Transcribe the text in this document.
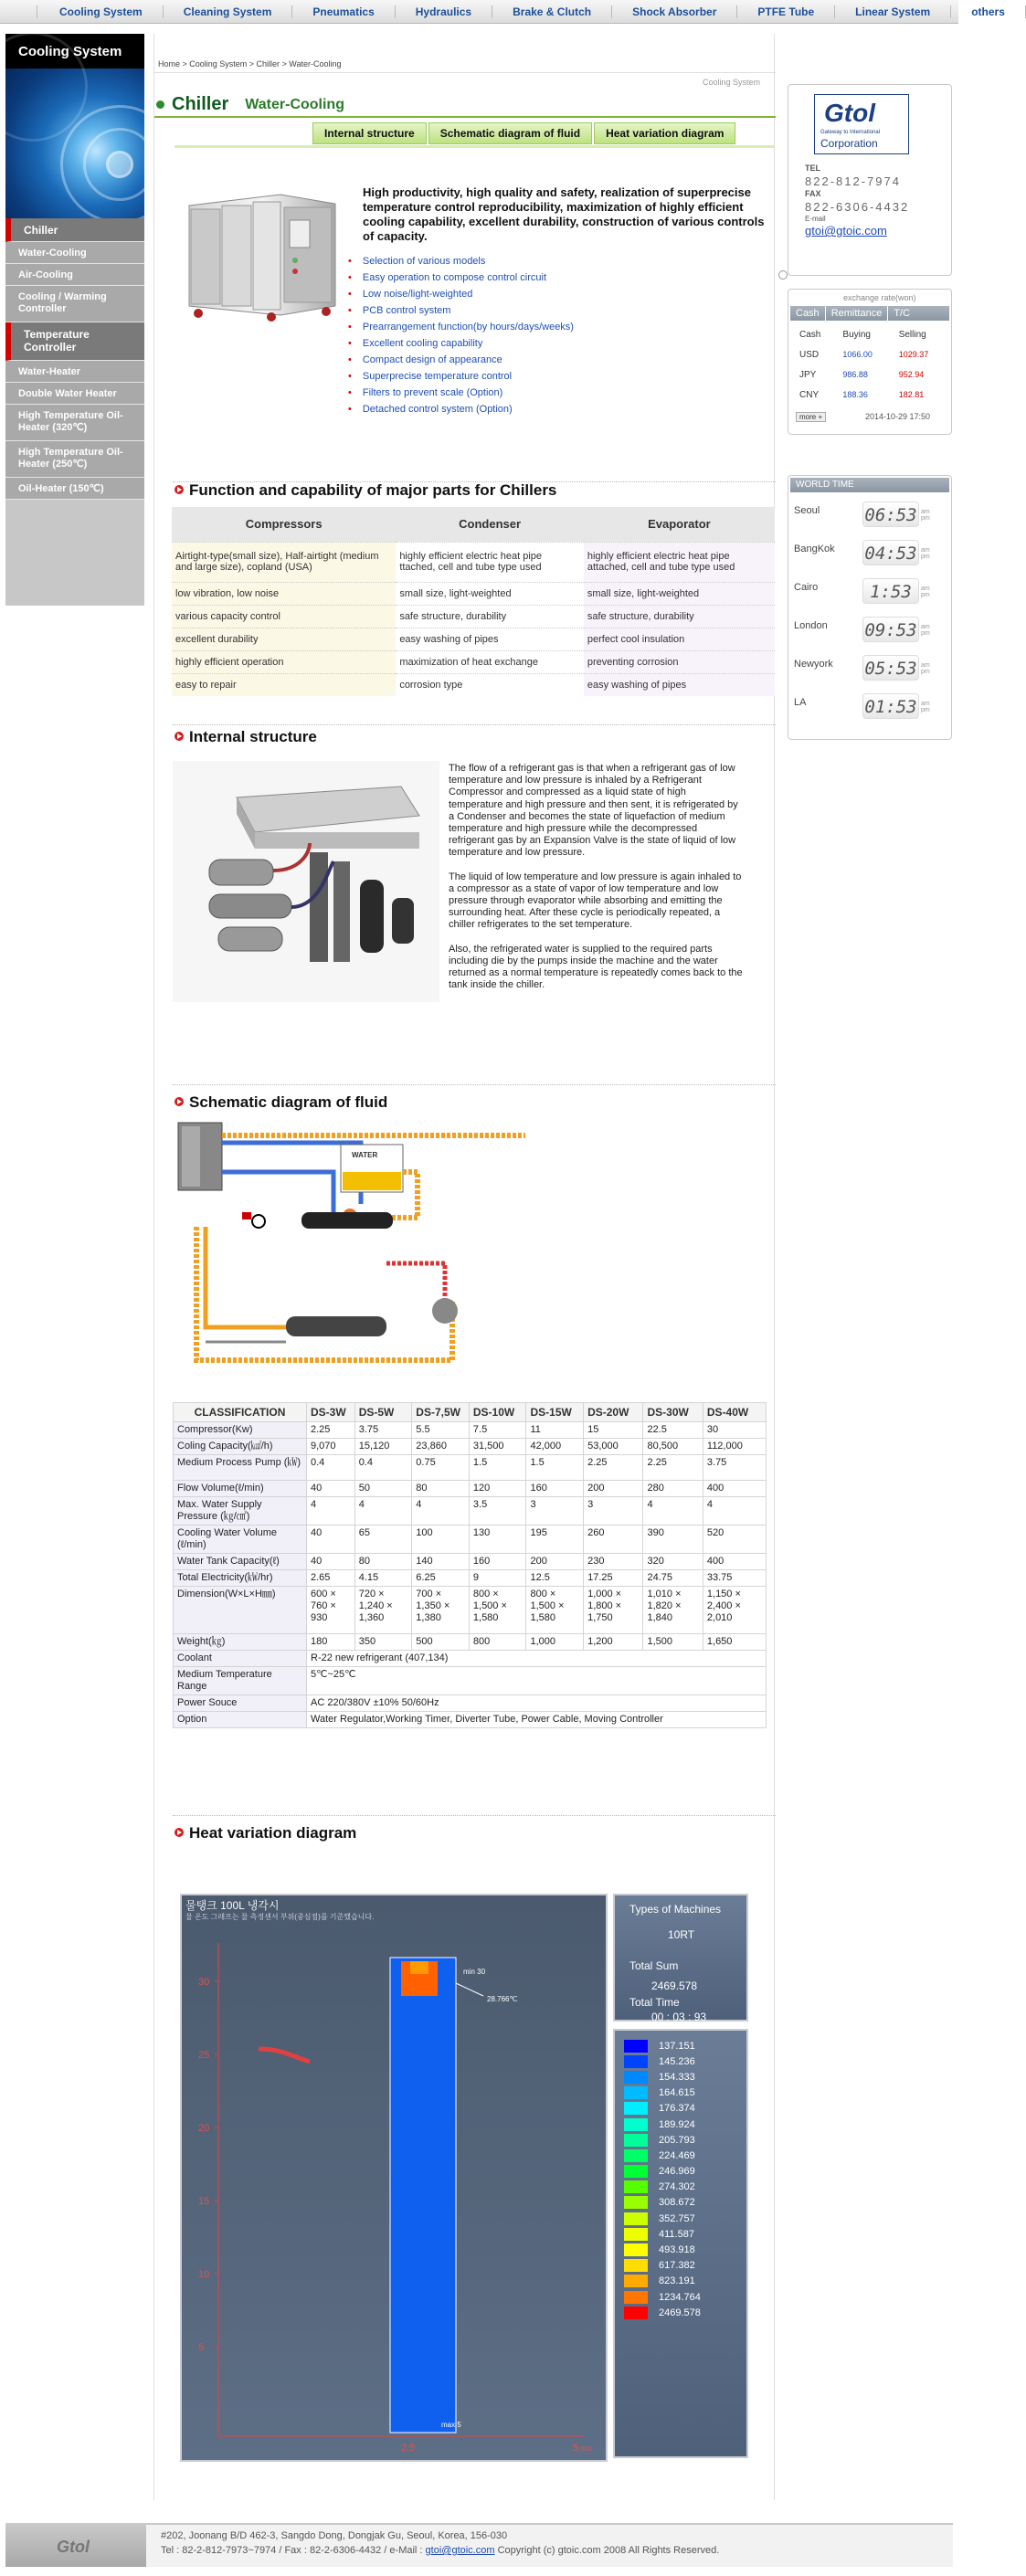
Cooling System	Cleaning System	Pneumatics	Hydraulics	Brake & Clutch	Shock Absorber	PTFE Tube	Linear System	others
Cooling System
Chiller
Water-Cooling
Air-Cooling
Cooling / Warming Controller
Temperature Controller
Water-Heater
Double Water Heater
High Temperature Oil-Heater (320℃)
High Temperature Oil-Heater (250℃)
Oil-Heater (150℃)
Home > Cooling System > Chiller > Water-Cooling
Cooling System
Chiller Water-Cooling
Internal structure	Schematic diagram of fluid	Heat variation diagram
High productivity, high quality and safety, realization of superprecise temperature control reproducibility, maximization of highly efficient cooling capability, excellent durability, construction of various controls of capacity.
• Selection of various models
• Easy operation to compose control circuit
• Low noise/light-weighted
• PCB control system
• Prearrangement function(by hours/days/weeks)
• Excellent cooling capability
• Compact design of appearance
• Superprecise temperature control
• Filters to prevent scale (Option)
• Detached control system (Option)
Function and capability of major parts for Chillers
Compressors	Condenser	Evaporator
Airtight-type(small size), Half-airtight (medium and large size), copland (USA)	highly efficient electric heat pipe ttached, cell and tube type used	highly efficient electric heat pipe attached, cell and tube type used
low vibration, low noise	small size, light-weighted	small size, light-weighted
various capacity control	safe structure, durability	safe structure, durability
excellent durability	easy washing of pipes	perfect cool insulation
highly efficient operation	maximization of heat exchange	preventing corrosion
easy to repair	corrosion type	easy washing of pipes
Internal structure

The flow of a refrigerant gas is that when a refrigerant gas of low temperature and low pressure is inhaled by a Refrigerant Compressor and compressed as a liquid state of high temperature and high pressure and then sent, it is refrigerated by a Condenser and becomes the state of liquefaction of medium temperature and high pressure while the decompressed refrigerant gas by an Expansion Valve is the state of liquid of low temperature and low pressure.

The liquid of low temperature and low pressure is again inhaled to a compressor as a state of vapor of low temperature and low pressure through evaporator while absorbing and emitting the surrounding heat. After these cycle is periodically repeated, a chiller refrigerates to the set temperature.

Also, the refrigerated water is supplied to the required parts including die by the pumps inside the machine and the water returned as a normal temperature is repeatedly comes back to the tank inside the chiller.

Schematic diagram of fluid
WATER
CLASSIFICATION	DS-3W	DS-5W	DS-7,5W	DS-10W	DS-15W	DS-20W	DS-30W	DS-40W
Compressor(Kw)	2.25	3.75	5.5	7.5	11	15	22.5	30
Coling Capacity(㎉/h)	9,070	15,120	23,860	31,500	42,000	53,000	80,500	112,000
Medium Process Pump (㎾)	0.4	0.4	0.75	1.5	1.5	2.25	2.25	3.75
Flow Volume(ℓ/min)	40	50	80	120	160	200	280	400
Max. Water Supply Pressure (㎏/㎠)	4	4	4	3.5	3	3	4	4
Cooling Water Volume (ℓ/min)	40	65	100	130	195	260	390	520
Water Tank Capacity(ℓ)	40	80	140	160	200	230	320	400
Total Electricity(㎾/hr)	2.65	4.15	6.25	9	12.5	17.25	24.75	33.75
Dimension(W×L×H㎜)	600 × 760 × 930	720 × 1,240 × 1,360	700 × 1,350 × 1,380	800 × 1,500 × 1,580	800 × 1,500 × 1,580	1,000 × 1,800 × 1,750	1,010 × 1,820 × 1,840	1,150 × 2,400 × 2,010
Weight(㎏)	180	350	500	800	1,000	1,200	1,500	1,650
Coolant	R-22 new refrigerant (407,134)							
Medium Temperature Range	5℃~25℃							
Power Souce	AC 220/380V ±10% 50/60Hz							
Option	Water Regulator,Working Timer, Diverter Tube, Power Cable, Moving Controller							
Heat variation diagram
물탱크 100L 냉각시
물 온도 그래프는 물 측정센서 부위(중심점)를 기준했습니다.
30
25
20
15
10
5
min 30
28.766℃
max 5
2.5	5 min
Types of Machines
10RT
Total Sum
2469.578
Total Time
00 : 03 : 93
137.151
145.236
154.333
164.615
176.374
189.924
205.793
224.469
246.969
274.302
308.672
352.757
411.587
493.918
617.382
823.191
1234.764
2469.578
Gtol
Gateway to International
Corporation
TEL
822-812-7974
FAX
822-6306-4432
E-mail
gtoi@gtoic.com
exchange rate(won)
Cash	Remittance	T/C
Cash	Buying	Selling
USD	1066.00	1029.37
JPY	986.88	952.94
CNY	188.36	182.81
more +	2014-10-29 17:50
WORLD TIME
Seoul	06:53 am pm
BangKok 04:53 am pm
Cairo	1:53	am pm
London 09:53 am pm
Newyork 05:53 am pm
LA	01:53 am pm
Gtol
#202, Joonang B/D 462-3, Sangdo Dong, Dongjak Gu, Seoul, Korea, 156-030
Tel : 82-2-812-7973~7974 / Fax : 82-2-6306-4432 / e-Mail : gtoi@gtoic.com Copyright (c) gtoic.com 2008 All Rights Reserved.
